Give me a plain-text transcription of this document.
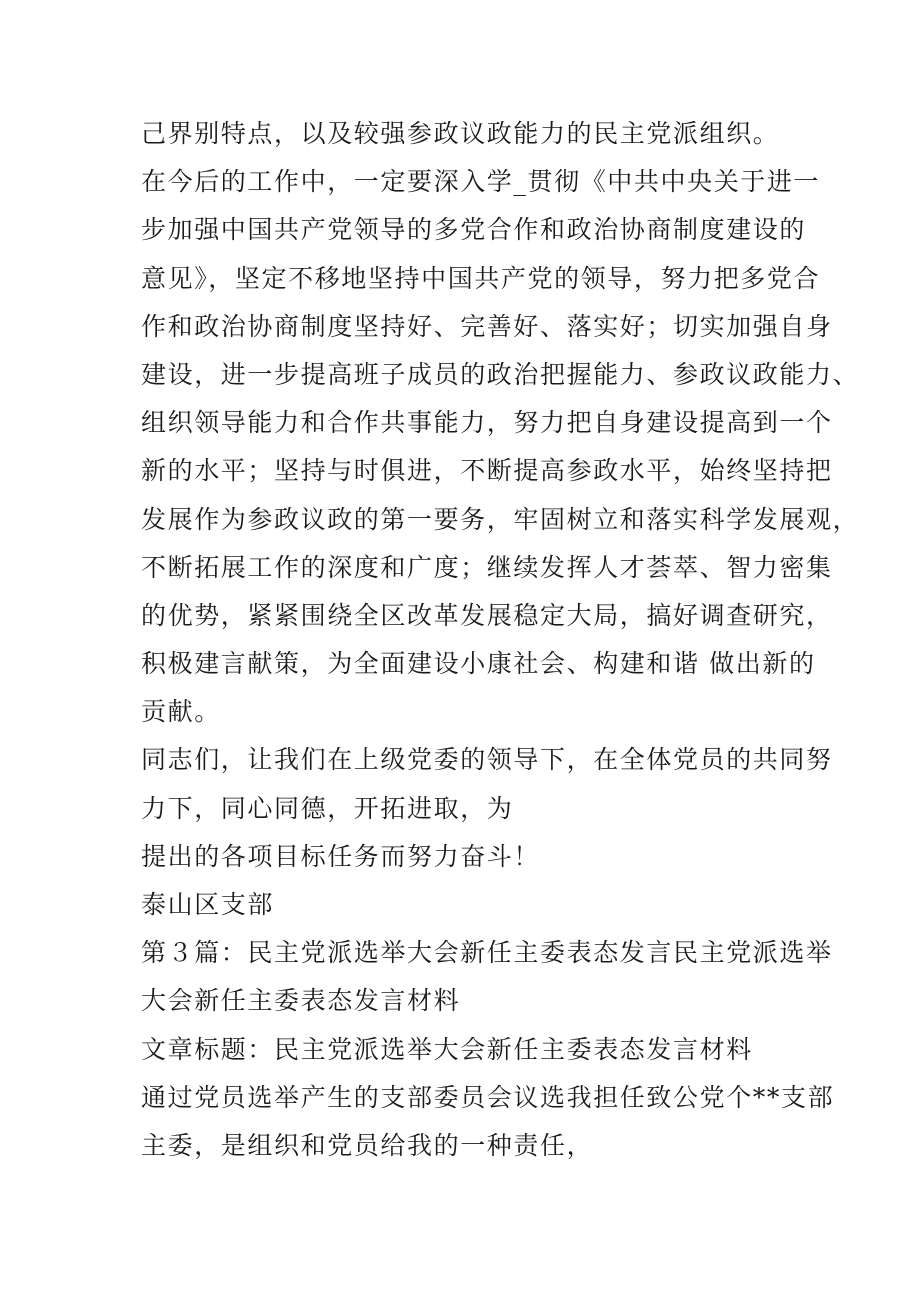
己界别特点，以及较强参政议政能力的民主党派组织。
在今后的工作中，一定要深入学_贯彻《中共中央关于进一
步加强中国共产党领导的多党合作和政治协商制度建设的
意见》，坚定不移地坚持中国共产党的领导，努力把多党合
作和政治协商制度坚持好、完善好、落实好；切实加强自身
建设，进一步提高班子成员的政治把握能力、参政议政能力、
组织领导能力和合作共事能力，努力把自身建设提高到一个
新的水平；坚持与时俱进，不断提高参政水平，始终坚持把
发展作为参政议政的第一要务，牢固树立和落实科学发展观，
不断拓展工作的深度和广度；继续发挥人才荟萃、智力密集
的优势，紧紧围绕全区改革发展稳定大局，搞好调查研究，
积极建言献策，为全面建设小康社会、构建和谐 做出新的
贡献。
同志们，让我们在上级党委的领导下，在全体党员的共同努
力下，同心同德，开拓进取，为
提出的各项目标任务而努力奋斗！
泰山区支部
第３篇：民主党派选举大会新任主委表态发言民主党派选举
大会新任主委表态发言材料
文章标题：民主党派选举大会新任主委表态发言材料
通过党员选举产生的支部委员会议选我担任致公党个**支部
主委，是组织和党员给我的一种责任，
